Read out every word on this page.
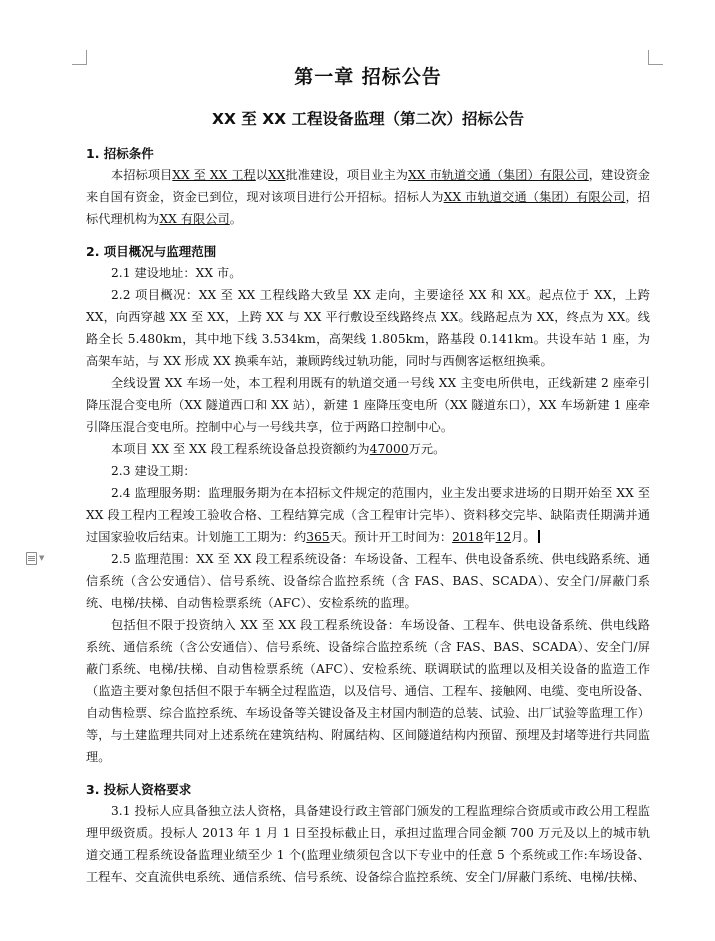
▼
第一章 招标公告
XX 至 XX 工程设备监理（第二次）招标公告
1. 招标条件

本招标项目XX 至 XX 工程以XX批准建设，项目业主为XX 市轨道交通（集团）有限公司，建设资金来自国有资金，资金已到位，现对该项目进行公开招标。招标人为XX 市轨道交通（集团）有限公司，招标代理机构为XX 有限公司。

2. 项目概况与监理范围

2.1 建设地址：XX 市。

2.2 项目概况：XX 至 XX 工程线路大致呈 XX 走向，主要途径 XX 和 XX。起点位于 XX，上跨 XX，向西穿越 XX 至 XX，上跨 XX 与 XX 平行敷设至线路终点 XX。线路起点为 XX，终点为 XX。线路全长 5.480km，其中地下线 3.534km，高架线 1.805km，路基段 0.141km。共设车站 1 座，为高架车站，与 XX 形成 XX 换乘车站，兼顾跨线过轨功能，同时与西侧客运枢纽换乘。

全线设置 XX 车场一处，本工程利用既有的轨道交通一号线 XX 主变电所供电，正线新建 2 座牵引降压混合变电所（XX 隧道西口和 XX 站），新建 1 座降压变电所（XX 隧道东口），XX 车场新建 1 座牵引降压混合变电所。控制中心与一号线共享，位于两路口控制中心。

本项目 XX 至 XX 段工程系统设备总投资额约为47000万元。

2.3 建设工期：

2.4 监理服务期：监理服务期为在本招标文件规定的范围内，业主发出要求进场的日期开始至 XX 至 XX 段工程内工程竣工验收合格、工程结算完成（含工程审计完毕）、资料移交完毕、缺陷责任期满并通过国家验收后结束。计划施工工期为：约365天。预计开工时间为：2018年12月。

2.5 监理范围：XX 至 XX 段工程系统设备：车场设备、工程车、供电设备系统、供电线路系统、通信系统（含公安通信）、信号系统、设备综合监控系统（含 FAS、BAS、SCADA）、安全门/屏蔽门系统、电梯/扶梯、自动售检票系统（AFC）、安检系统的监理。

包括但不限于投资纳入 XX 至 XX 段工程系统设备：车场设备、工程车、供电设备系统、供电线路系统、通信系统（含公安通信）、信号系统、设备综合监控系统（含 FAS、BAS、SCADA）、安全门/屏蔽门系统、电梯/扶梯、自动售检票系统（AFC）、安检系统、联调联试的监理以及相关设备的监造工作（监造主要对象包括但不限于车辆全过程监造，以及信号、通信、工程车、接触网、电缆、变电所设备、自动售检票、综合监控系统、车场设备等关键设备及主材国内制造的总装、试验、出厂试验等监理工作）等，与土建监理共同对上述系统在建筑结构、附属结构、区间隧道结构内预留、预埋及封堵等进行共同监理。

3. 投标人资格要求

3.1 投标人应具备独立法人资格，具备建设行政主管部门颁发的工程监理综合资质或市政公用工程监理甲级资质。投标人 2013 年 1 月 1 日至投标截止日，承担过监理合同金额 700 万元及以上的城市轨道交通工程系统设备监理业绩至少 1 个(监理业绩须包含以下专业中的任意 5 个系统或工作:车场设备、工程车、交直流供电系统、通信系统、信号系统、设备综合监控系统、安全门/屏蔽门系统、电梯/扶梯、
